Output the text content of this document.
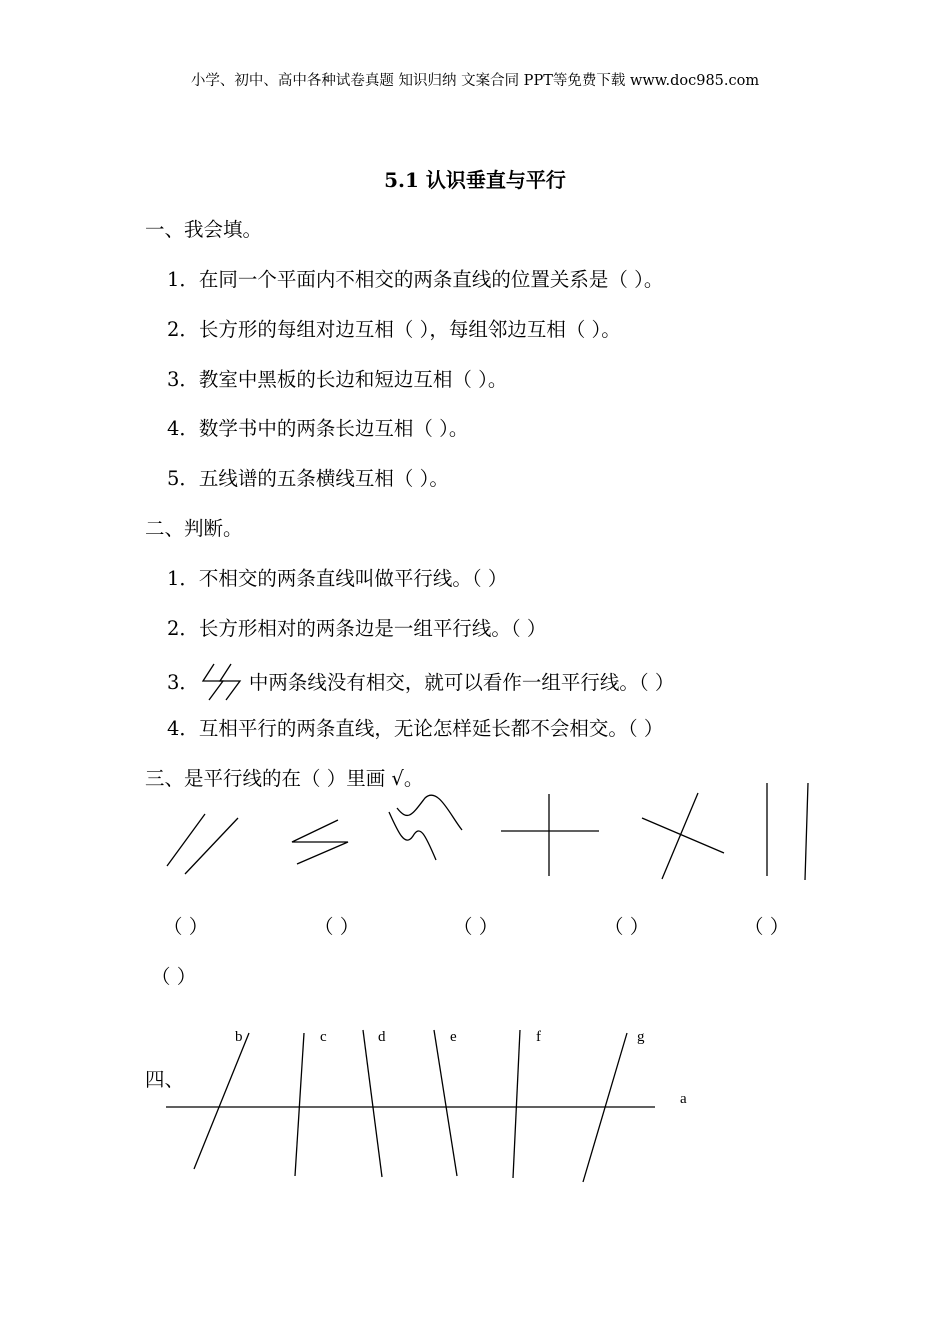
小学、初中、高中各种试卷真题 知识归纳 文案合同 PPT等免费下载 www.doc985.com
5.1 认识垂直与平行
一、我会填。
1．在同一个平面内不相交的两条直线的位置关系是（ ）。
2．长方形的每组对边互相（ ），每组邻边互相（ ）。
3．教室中黑板的长边和短边互相（ ）。
4．数学书中的两条长边互相（ ）。
5．五线谱的五条横线互相（ ）。
二、判断。
1．不相交的两条直线叫做平行线。（ ）
2．长方形相对的两条边是一组平行线。（ ）
3．	中两条线没有相交，就可以看作一组平行线。（ ）
4．互相平行的两条直线，无论怎样延长都不会相交。（ ）
三、是平行线的在（ ）里画 √。
（ ）	（ ）	（ ）	（ ）	（ ）
（ ）
四、
b	c	d	e	f	g
a
